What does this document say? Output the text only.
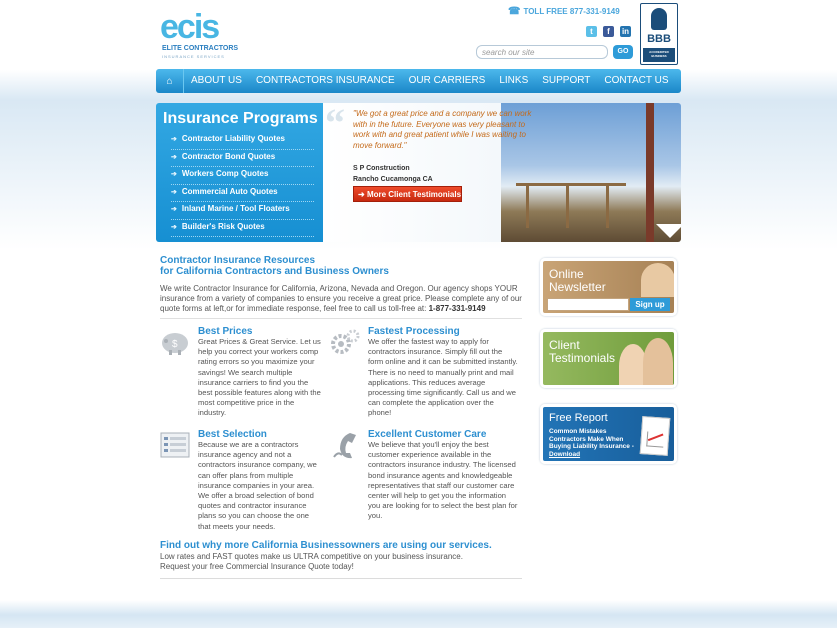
ecis
ELITE CONTRACTORS
INSURANCE SERVICES
☎ TOLL FREE 877-331-9149
t	f	in
search our site	GO
BBB
ACCREDITED BUSINESS
⌂	ABOUT US	CONTRACTORS INSURANCE	OUR CARRIERS	LINKS	SUPPORT	CONTACT US
“ "We got a great price and a company we can work with in the future. Everyone was very pleasant to work with and great patient while I was waiting to move forward."
S P Construction
Rancho Cucamonga CA
➜ More Client Testimonials
Insurance Programs
➔ Contractor Liability Quotes
➔ Contractor Bond Quotes
➔ Workers Comp Quotes
➔ Commercial Auto Quotes
➔ Inland Marine / Tool Floaters
➔ Builder's Risk Quotes
Contractor Insurance Resources
for California Contractors and Business Owners
We write Contractor Insurance for California, Arizona, Nevada and Oregon. Our agency shops YOUR insurance from a variety of companies to ensure you receive a great price. Please complete any of our quote forms at left,or for immediate response, feel free to call us toll-free at: 1-877-331-9149
$
Best Prices
Great Prices & Great Service. Let us help you correct your workers comp rating errors so you maximize your savings! We search multiple insurance carriers to find you the best possible features along with the most competitive price in the industry.
Fastest Processing
We offer the fastest way to apply for contractors insurance. Simply fill out the form online and it can be submitted instantly. There is no need to manually print and mail applications. This reduces average processing time significantly. Call us and we can complete the application over the phone!
Best Selection
Because we are a contractors insurance agency and not a contractors insurance company, we can offer plans from multiple insurance companies in your area. We offer a broad selection of bond quotes and contractor insurance plans so you can choose the one that meets your needs.
Excellent Customer Care
We believe that you'll enjoy the best customer experience available in the contractors insurance industry. The licensed bond insurance agents and knowledgeable representatives that staff our customer care center will help to get you the information you are looking for to select the best plan for you.
Find out why more California Businessowners are using our services.
Low rates and FAST quotes make us ULTRA competitive on your business insurance.
Request your free Commercial Insurance Quote today!
Online Newsletter
Sign up
Client Testimonials
Free Report
Common Mistakes Contractors Make When Buying Liability Insurance - Download
